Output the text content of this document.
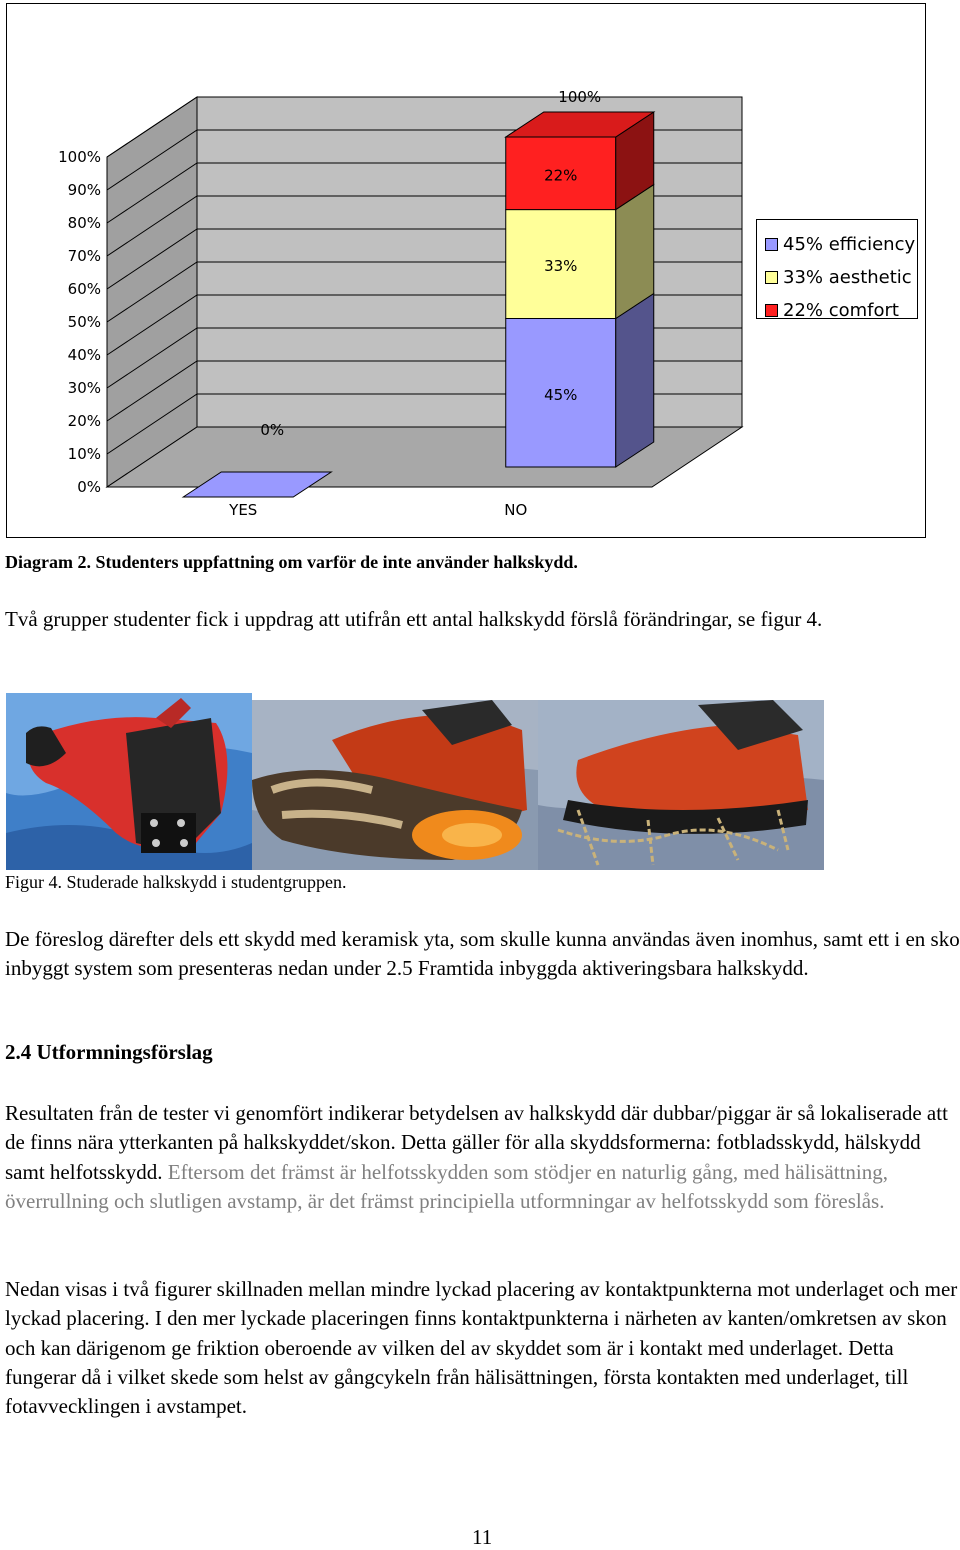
0%
10%
20%
30%
40%
50%
60%
70%
80%
90%
100%
YES
0%
NO
45%
33%
22%
100%
45% efficiency
33% aesthetic
22% comfort
Diagram 2. Studenters uppfattning om varför de inte använder halkskydd.

Två grupper studenter fick i uppdrag att utifrån ett antal halkskydd förslå förändringar, se figur 4.

Figur 4. Studerade halkskydd i studentgruppen.

De föreslog därefter dels ett skydd med keramisk yta, som skulle kunna användas även inomhus, samt ett i en sko inbyggt system som presenteras nedan under 2.5 Framtida inbyggda aktiveringsbara halkskydd.

2.4 Utformningsförslag

Resultaten från de tester vi genomfört indikerar betydelsen av halkskydd där dubbar/piggar är så lokaliserade att de finns nära ytterkanten på halkskyddet/skon. Detta gäller för alla skyddsformerna: fotbladsskydd, hälskydd samt helfotsskydd. Eftersom det främst är helfotsskydden som stödjer en naturlig gång, med hälisättning, överrullning och slutligen avstamp, är det främst principiella utformningar av helfotsskydd som föreslås.

Nedan visas i två figurer skillnaden mellan mindre lyckad placering av kontaktpunkterna mot underlaget och mer lyckad placering. I den mer lyckade placeringen finns kontaktpunkterna i närheten av kanten/omkretsen av skon och kan därigenom ge friktion oberoende av vilken del av skyddet som är i kontakt med underlaget. Detta fungerar då i vilket skede som helst av gångcykeln från hälisättningen, första kontakten med underlaget, till fotavvecklingen i avstampet.

11
